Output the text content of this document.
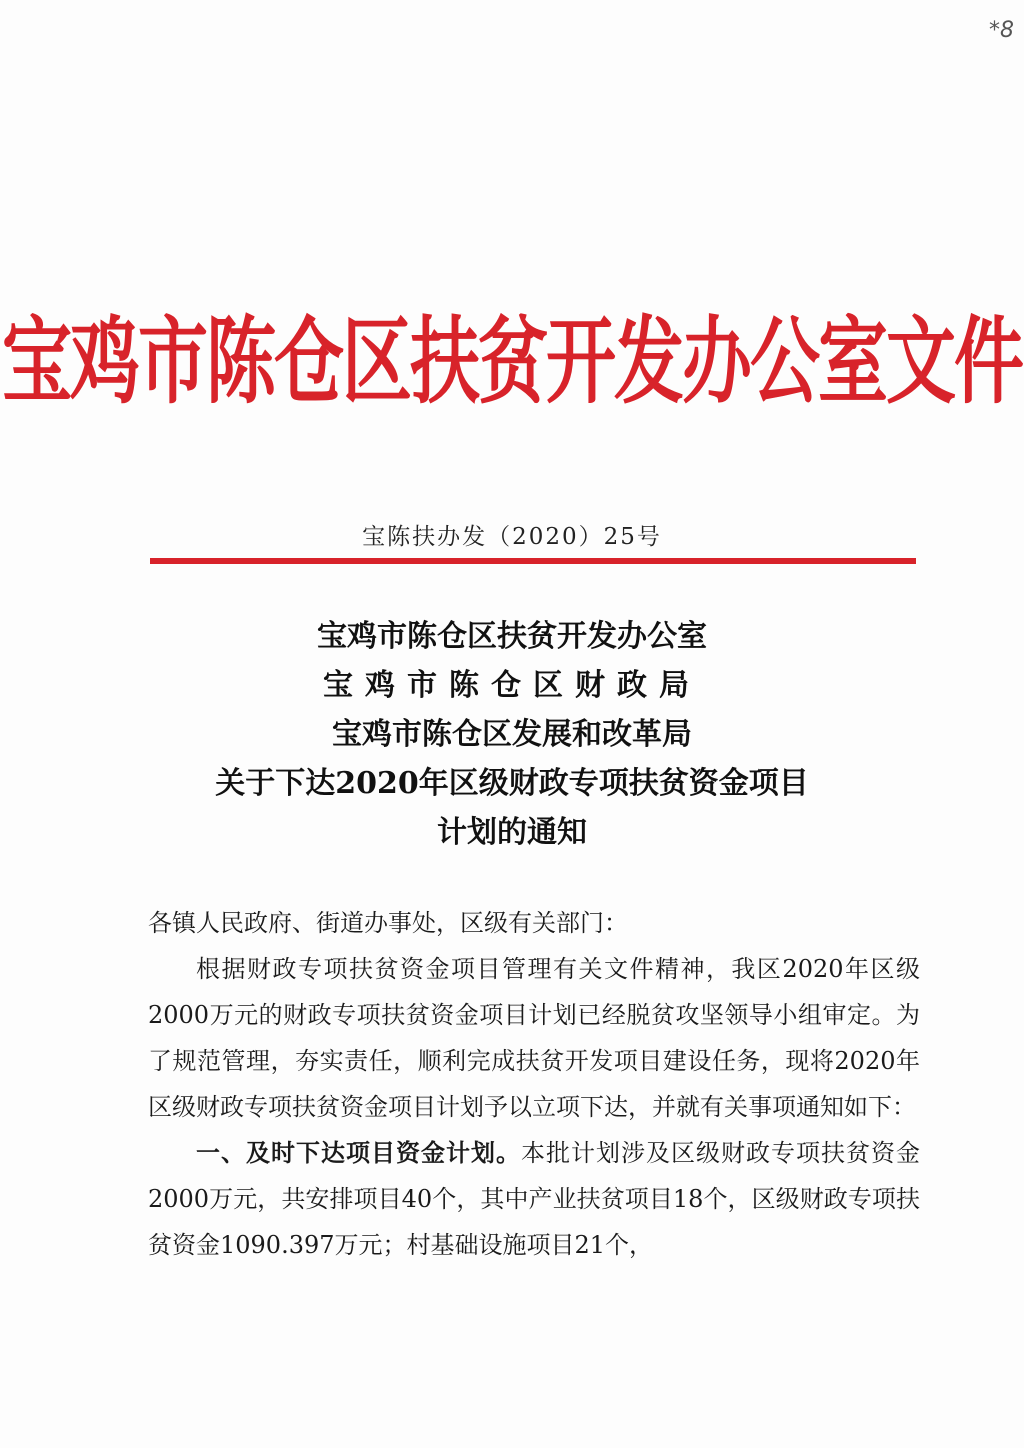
*8
宝鸡市陈仓区扶贫开发办公室文件
宝陈扶办发（2020）25号
宝鸡市陈仓区扶贫开发办公室
宝鸡市陈仓区财政局
宝鸡市陈仓区发展和改革局
关于下达2020年区级财政专项扶贫资金项目
计划的通知

各镇人民政府、街道办事处，区级有关部门：

根据财政专项扶贫资金项目管理有关文件精神，我区2020年区级2000万元的财政专项扶贫资金项目计划已经脱贫攻坚领导小组审定。为了规范管理，夯实责任，顺利完成扶贫开发项目建设任务，现将2020年区级财政专项扶贫资金项目计划予以立项下达，并就有关事项通知如下：

一、及时下达项目资金计划。本批计划涉及区级财政专项扶贫资金2000万元，共安排项目40个，其中产业扶贫项目18个，区级财政专项扶贫资金1090.397万元；村基础设施项目21个，
